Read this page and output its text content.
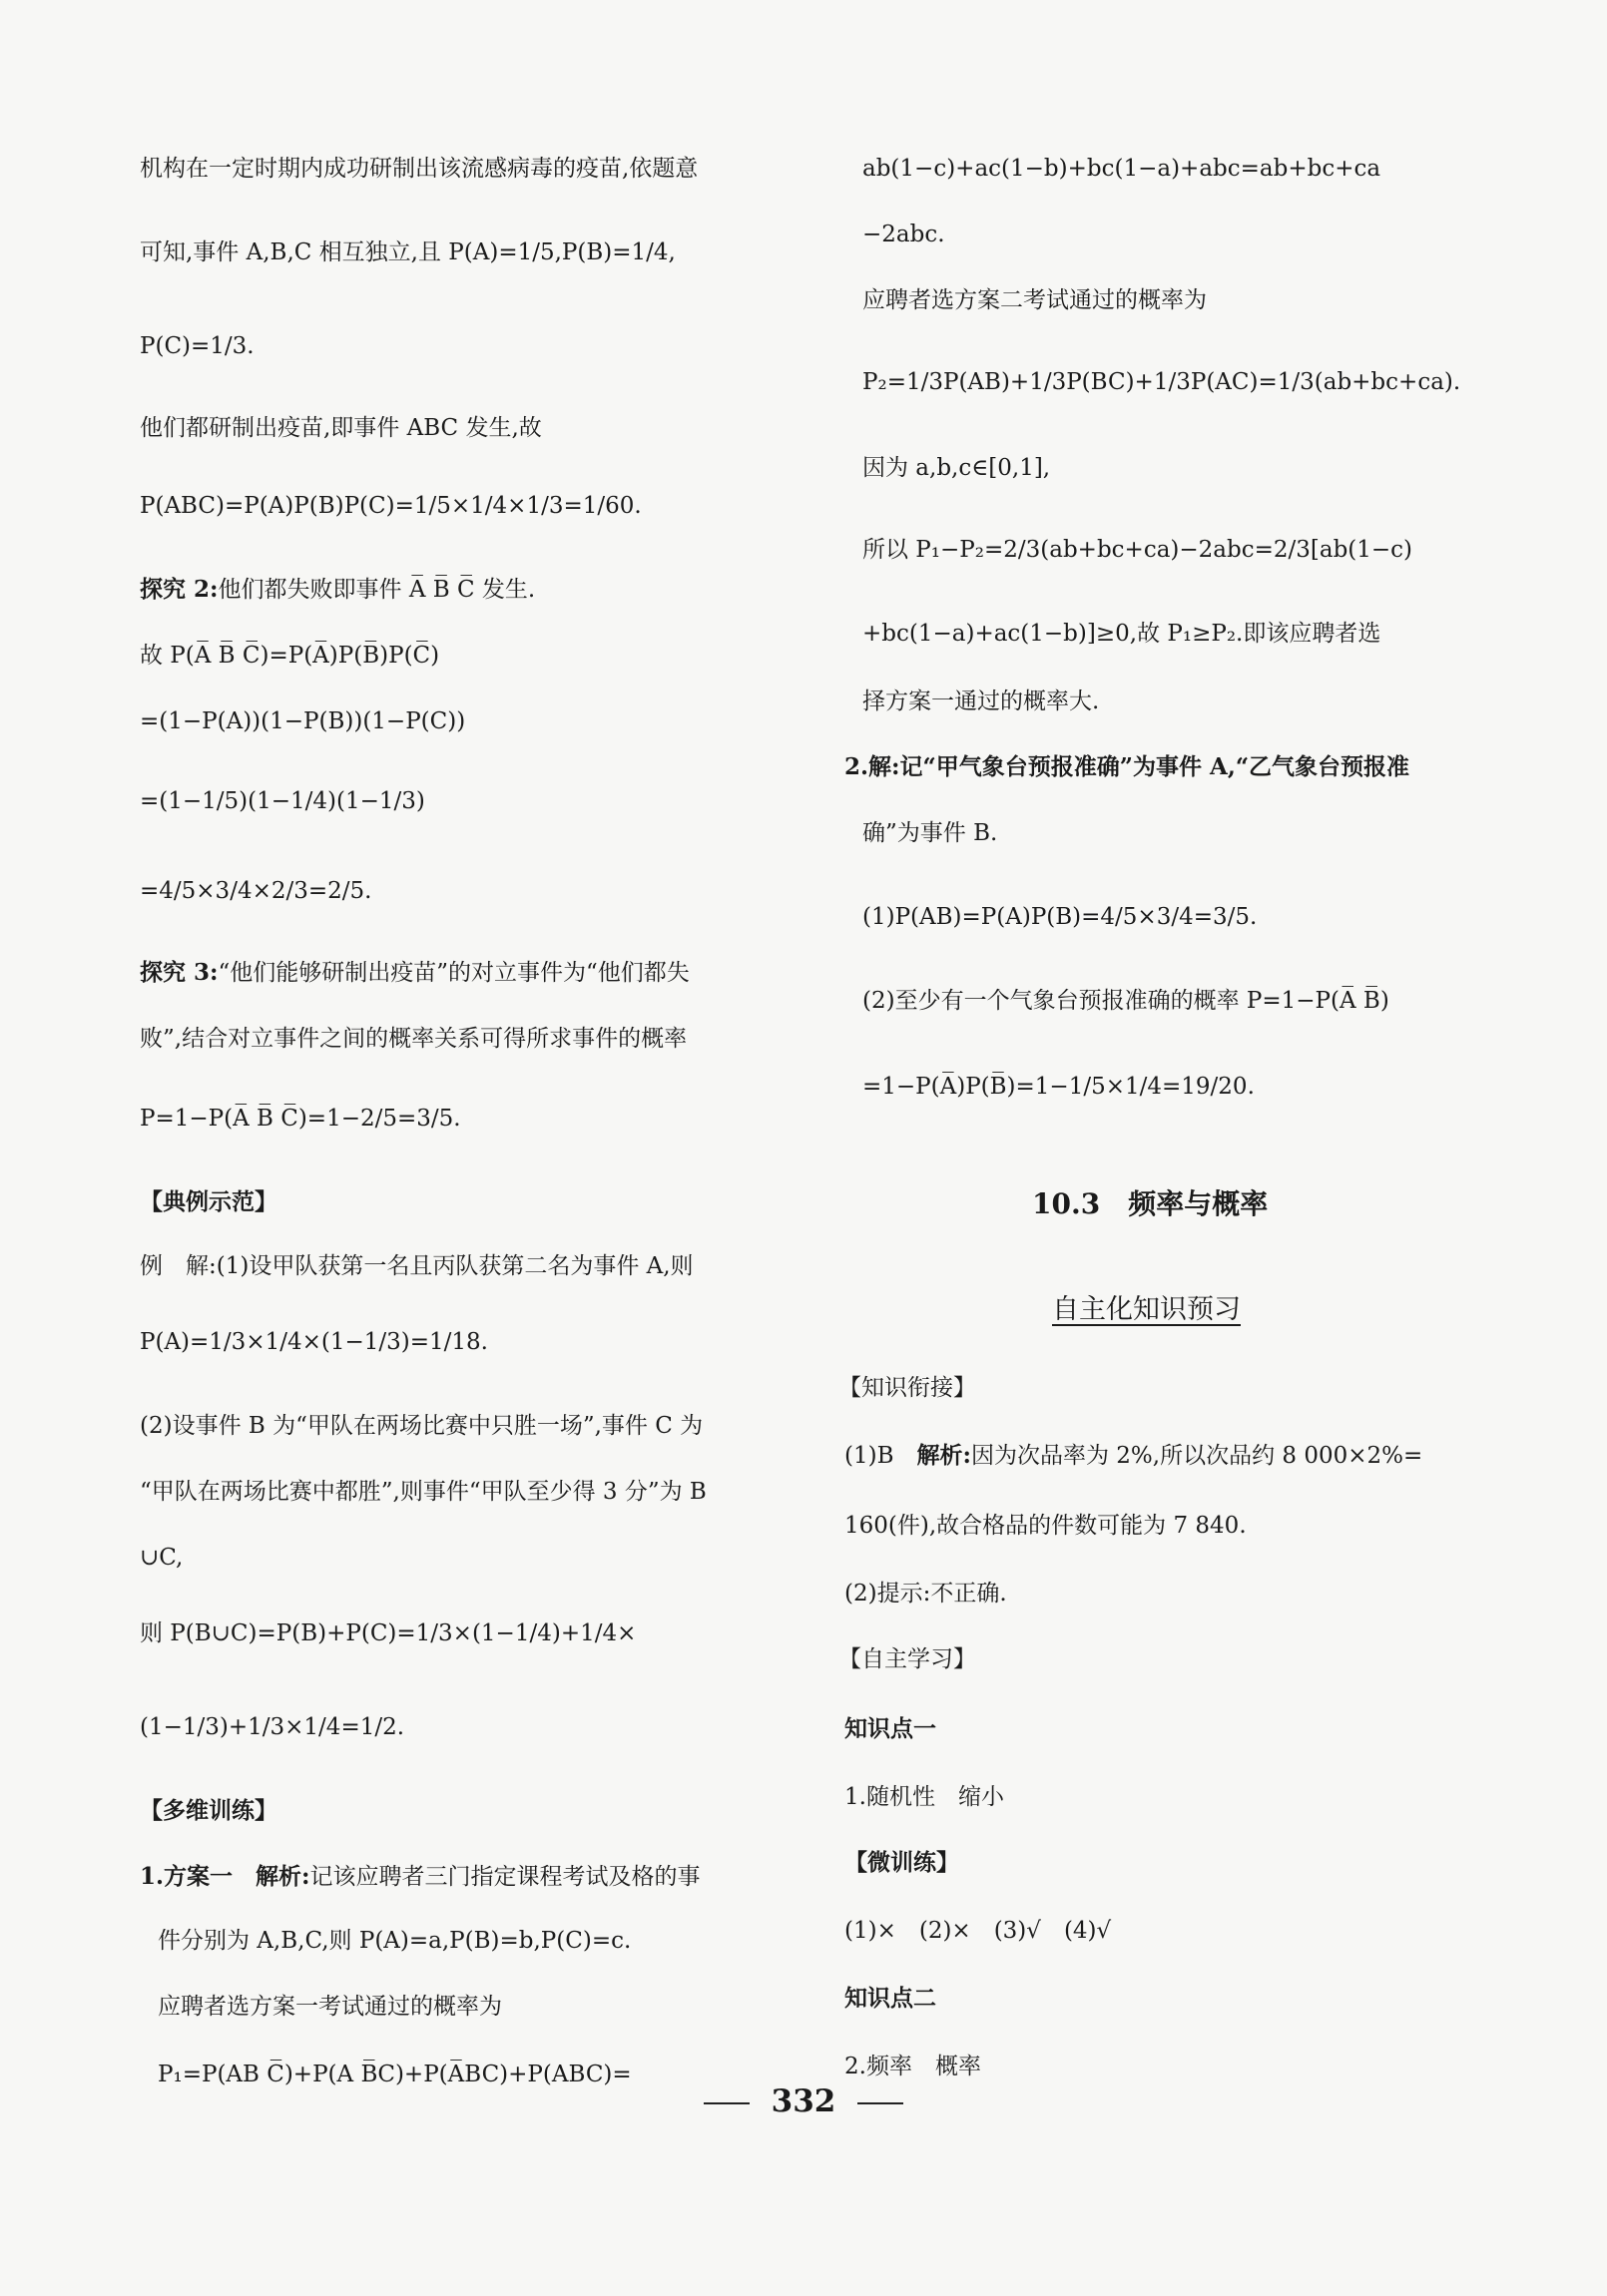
机构在一定时期内成功研制出该流感病毒的疫苗,依题意
可知,事件 A,B,C 相互独立,且 P(A)=1/5,P(B)=1/4,
P(C)=1/3.
他们都研制出疫苗,即事件 ABC 发生,故
P(ABC)=P(A)P(B)P(C)=1/5×1/4×1/3=1/60.
探究 2:他们都失败即事件 A̅ B̅ C̅ 发生.
故 P(A̅ B̅ C̅)=P(A̅)P(B̅)P(C̅)
=(1−P(A))(1−P(B))(1−P(C))
=(1−1/5)(1−1/4)(1−1/3)
=4/5×3/4×2/3=2/5.
探究 3:“他们能够研制出疫苗”的对立事件为“他们都失
败”,结合对立事件之间的概率关系可得所求事件的概率
P=1−P(A̅ B̅ C̅)=1−2/5=3/5.
【典例示范】
例　解:(1)设甲队获第一名且丙队获第二名为事件 A,则
P(A)=1/3×1/4×(1−1/3)=1/18.
(2)设事件 B 为“甲队在两场比赛中只胜一场”,事件 C 为
“甲队在两场比赛中都胜”,则事件“甲队至少得 3 分”为 B
∪C,
则 P(B∪C)=P(B)+P(C)=1/3×(1−1/4)+1/4×
(1−1/3)+1/3×1/4=1/2.
【多维训练】
1.方案一　解析:记该应聘者三门指定课程考试及格的事
件分别为 A,B,C,则 P(A)=a,P(B)=b,P(C)=c.
应聘者选方案一考试通过的概率为
P₁=P(AB C̅)+P(A B̅C)+P(A̅BC)+P(ABC)=
ab(1−c)+ac(1−b)+bc(1−a)+abc=ab+bc+ca
−2abc.
应聘者选方案二考试通过的概率为
P₂=1/3P(AB)+1/3P(BC)+1/3P(AC)=1/3(ab+bc+ca).
因为 a,b,c∈[0,1],
所以 P₁−P₂=2/3(ab+bc+ca)−2abc=2/3[ab(1−c)
+bc(1−a)+ac(1−b)]≥0,故 P₁≥P₂.即该应聘者选
择方案一通过的概率大.
2.解:记“甲气象台预报准确”为事件 A,“乙气象台预报准
确”为事件 B.
(1)P(AB)=P(A)P(B)=4/5×3/4=3/5.
(2)至少有一个气象台预报准确的概率 P=1−P(A̅ B̅)
=1−P(A̅)P(B̅)=1−1/5×1/4=19/20.
10.3　频率与概率
自主化知识预习
【知识衔接】
(1)B　解析:因为次品率为 2%,所以次品约 8 000×2%=
160(件),故合格品的件数可能为 7 840.
(2)提示:不正确.
【自主学习】
知识点一
1.随机性　缩小
【微训练】
(1)×　(2)×　(3)√　(4)√
知识点二
2.频率　概率
332
